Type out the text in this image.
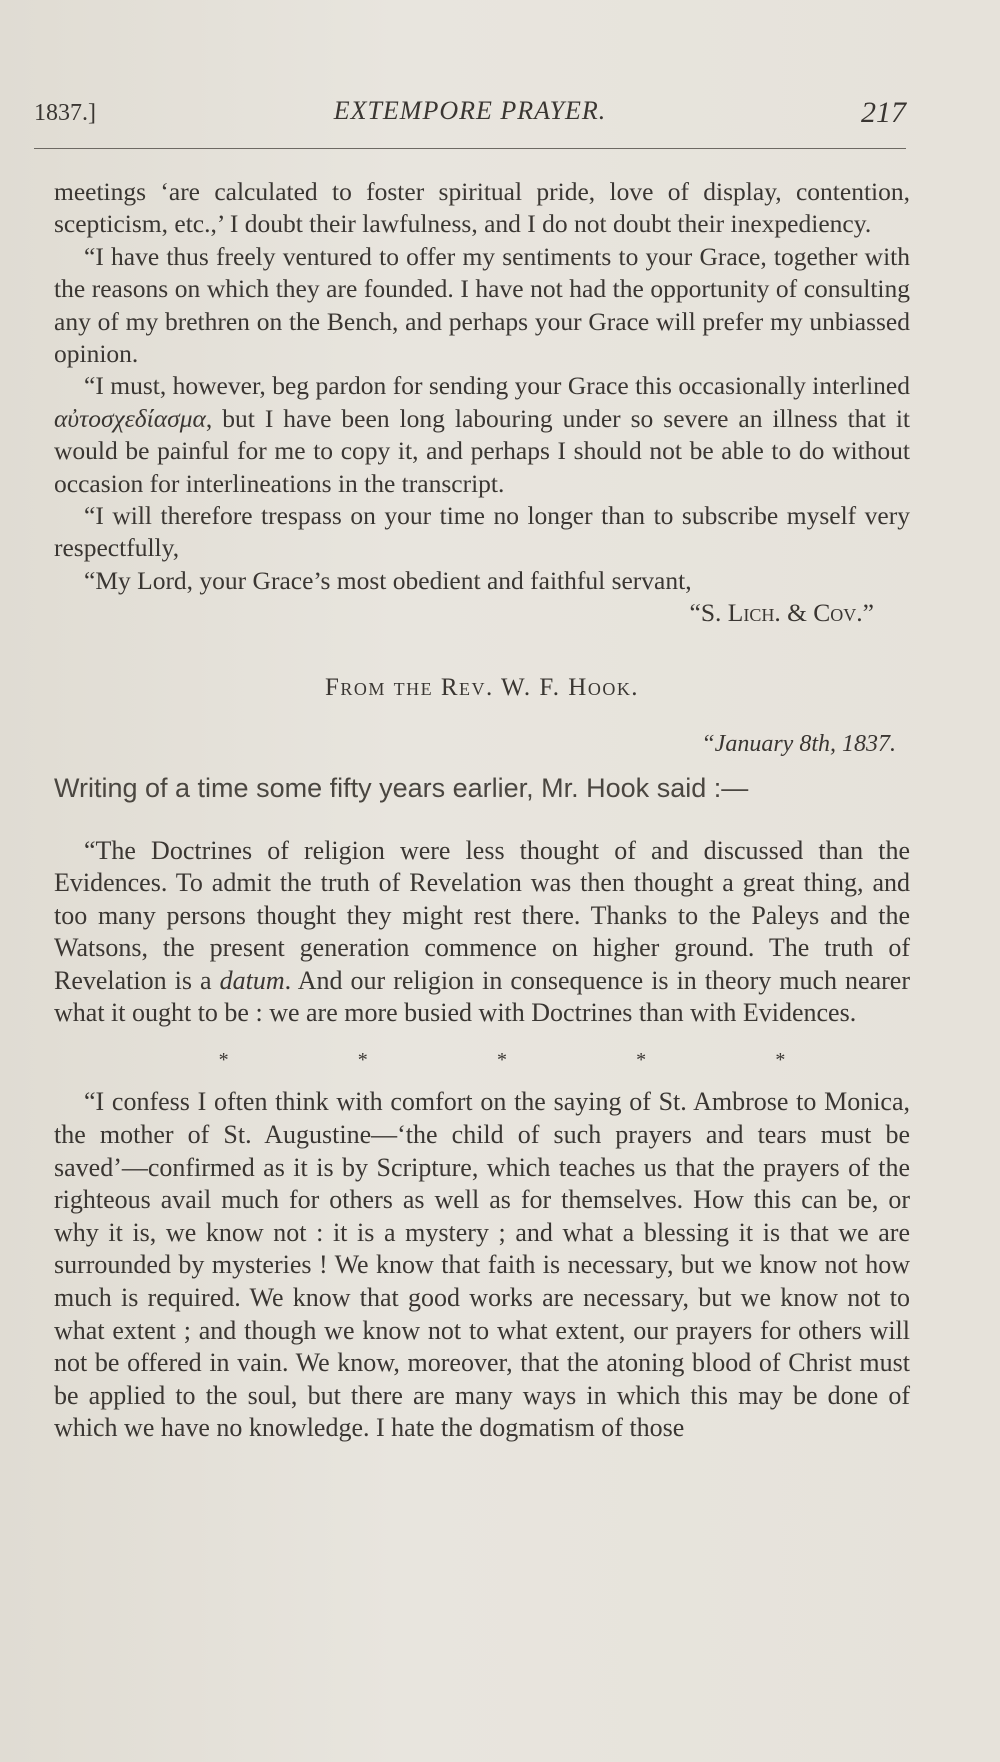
1837.]	EXTEMPORE PRAYER.	217

meetings ‘are calculated to foster spiritual pride, love of display, contention, scepticism, etc.,’ I doubt their lawfulness, and I do not doubt their inexpediency.

“I have thus freely ventured to offer my sentiments to your Grace, together with the reasons on which they are founded. I have not had the opportunity of consulting any of my brethren on the Bench, and perhaps your Grace will prefer my unbiassed opinion.

“I must, however, beg pardon for sending your Grace this occasionally interlined αὐτοσχεδίασμα, but I have been long labouring under so severe an illness that it would be painful for me to copy it, and perhaps I should not be able to do without occasion for interlineations in the transcript.

“I will therefore trespass on your time no longer than to subscribe myself very respectfully,

“My Lord, your Grace’s most obedient and faithful servant,

“S. Lich. & Cov.”

From the Rev. W. F. Hook.

“January 8th, 1837.

Writing of a time some fifty years earlier, Mr. Hook said :—

“The Doctrines of religion were less thought of and discussed than the Evidences. To admit the truth of Revelation was then thought a great thing, and too many persons thought they might rest there. Thanks to the Paleys and the Watsons, the present generation commence on higher ground. The truth of Revelation is a datum. And our religion in consequence is in theory much nearer what it ought to be : we are more busied with Doctrines than with Evidences.

*	*	*	*	*

“I confess I often think with comfort on the saying of St. Ambrose to Monica, the mother of St. Augustine—‘the child of such prayers and tears must be saved’—confirmed as it is by Scripture, which teaches us that the prayers of the righteous avail much for others as well as for themselves. How this can be, or why it is, we know not : it is a mystery ; and what a blessing it is that we are surrounded by mysteries ! We know that faith is necessary, but we know not how much is required. We know that good works are necessary, but we know not to what extent ; and though we know not to what extent, our prayers for others will not be offered in vain. We know, moreover, that the atoning blood of Christ must be applied to the soul, but there are many ways in which this may be done of which we have no knowledge. I hate the dogmatism of those
